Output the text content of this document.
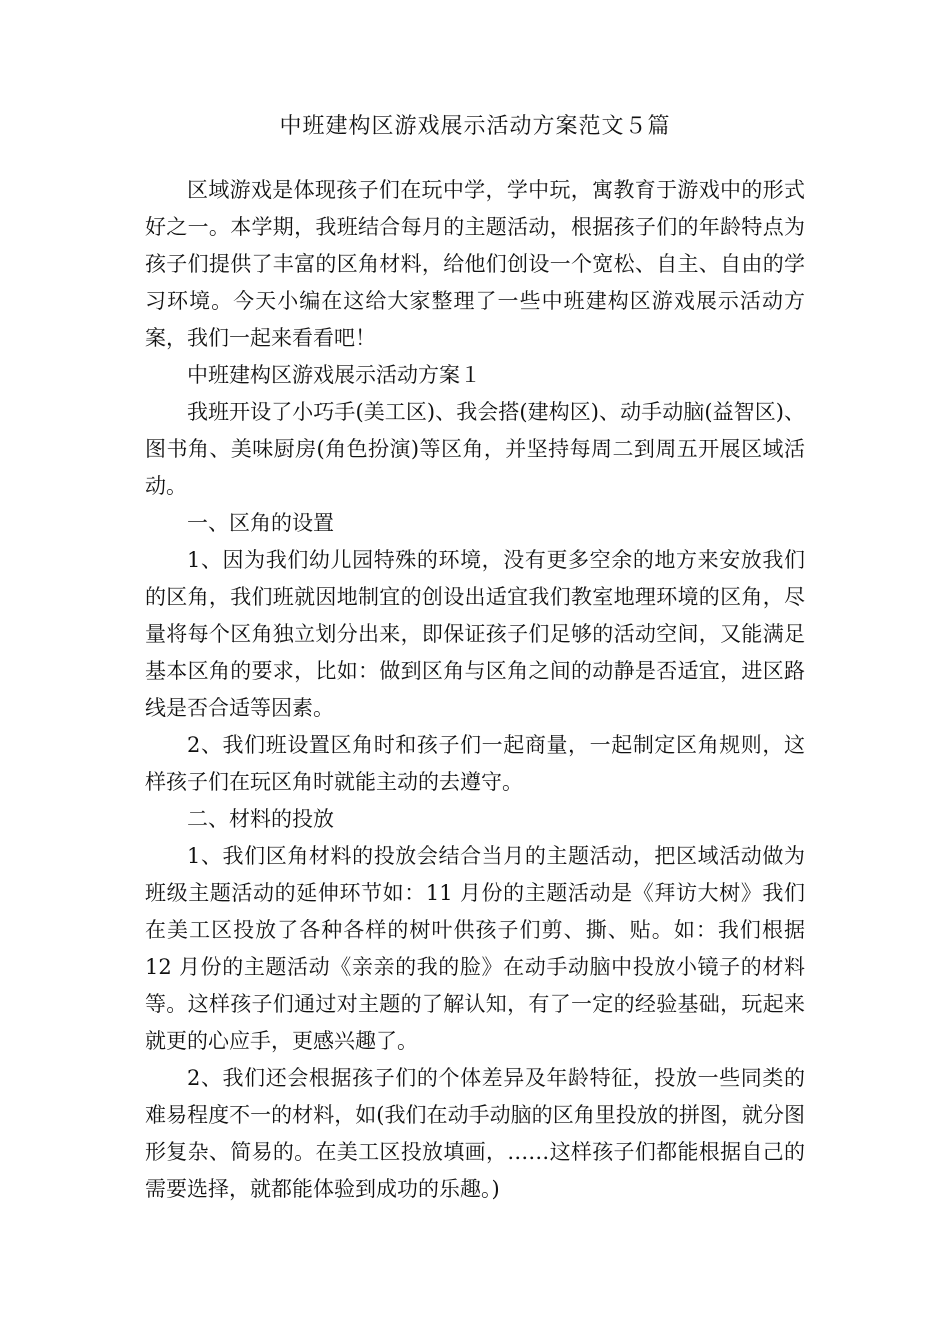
中班建构区游戏展示活动方案范文５篇

区域游戏是体现孩子们在玩中学，学中玩，寓教育于游戏中的形式好之一。本学期，我班结合每月的主题活动，根据孩子们的年龄特点为孩子们提供了丰富的区角材料，给他们创设一个宽松、自主、自由的学习环境。今天小编在这给大家整理了一些中班建构区游戏展示活动方案，我们一起来看看吧！

中班建构区游戏展示活动方案１

我班开设了小巧手(美工区)、我会搭(建构区)、动手动脑(益智区)、图书角、美味厨房(角色扮演)等区角，并坚持每周二到周五开展区域活动。

一、区角的设置

1、因为我们幼儿园特殊的环境，没有更多空余的地方来安放我们的区角，我们班就因地制宜的创设出适宜我们教室地理环境的区角，尽量将每个区角独立划分出来，即保证孩子们足够的活动空间，又能满足基本区角的要求，比如：做到区角与区角之间的动静是否适宜，进区路线是否合适等因素。

2、我们班设置区角时和孩子们一起商量，一起制定区角规则，这样孩子们在玩区角时就能主动的去遵守。

二、材料的投放

1、我们区角材料的投放会结合当月的主题活动，把区域活动做为班级主题活动的延伸环节如：11 月份的主题活动是《拜访大树》我们在美工区投放了各种各样的树叶供孩子们剪、撕、贴。如：我们根据 12 月份的主题活动《亲亲的我的脸》在动手动脑中投放小镜子的材料等。这样孩子们通过对主题的了解认知，有了一定的经验基础，玩起来就更的心应手，更感兴趣了。

2、我们还会根据孩子们的个体差异及年龄特征，投放一些同类的难易程度不一的材料，如(我们在动手动脑的区角里投放的拼图，就分图形复杂、简易的。在美工区投放填画，……这样孩子们都能根据自己的需要选择，就都能体验到成功的乐趣。)
